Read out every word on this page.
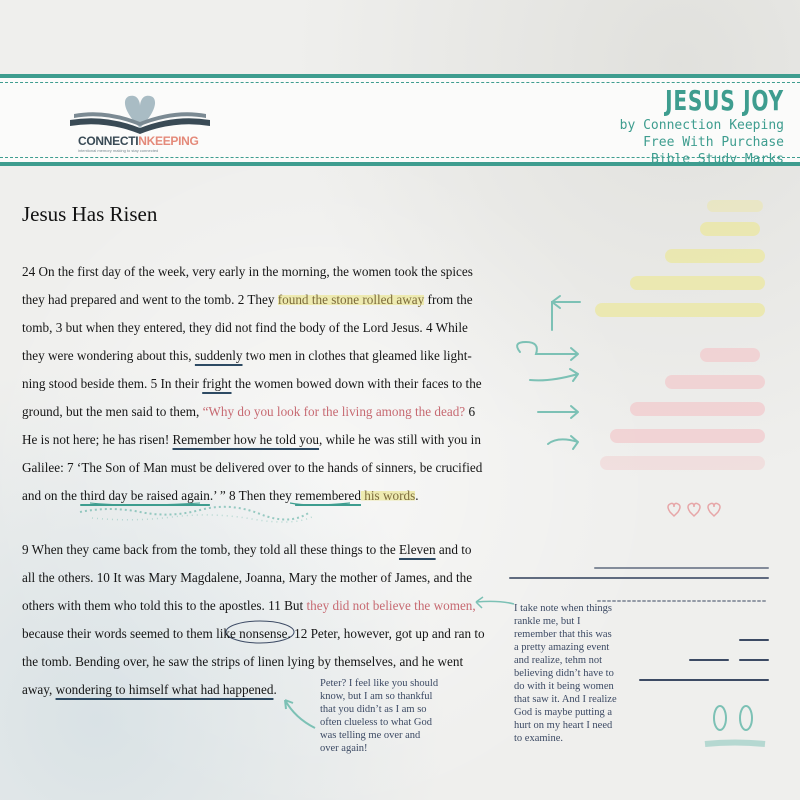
JESUS JOY
by Connection Keeping
Free With Purchase
Bible Study Marks
CONNECTINKEEPING
intentional memory making to stay connected
Jesus Has Risen
24 On the first day of the week, very early in the morning, the women took the spices
they had prepared and went to the tomb. 2 They found the stone rolled away from the
tomb, 3 but when they entered, they did not find the body of the Lord Jesus. 4 While
they were wondering about this, suddenly two men in clothes that gleamed like light-
ning stood beside them. 5 In their fright the women bowed down with their faces to the
ground, but the men said to them, “Why do you look for the living among the dead? 6
He is not here; he has risen! Remember how he told you, while he was still with you in
Galilee: 7 ‘The Son of Man must be delivered over to the hands of sinners, be crucified
and on the third day be raised again.’ ” 8 Then they remembered his words.
9 When they came back from the tomb, they told all these things to the Eleven and to
all the others. 10 It was Mary Magdalene, Joanna, Mary the mother of James, and the
others with them who told this to the apostles. 11 But they did not believe the women,
because their words seemed to them like nonsense. 12 Peter, however, got up and ran to
the tomb. Bending over, he saw the strips of linen lying by themselves, and he went
away, wondering to himself what had happened.
I take note when things
rankle me, but I
remember that this was
a pretty amazing event
and realize, tehm not
believing didn’t have to
do with it being women
that saw it. And I realize
God is maybe putting a
hurt on my heart I need
to examine.
Peter? I feel like you should
know, but I am so thankful
that you didn’t as I am so
often clueless to what God
was telling me over and
over again!
